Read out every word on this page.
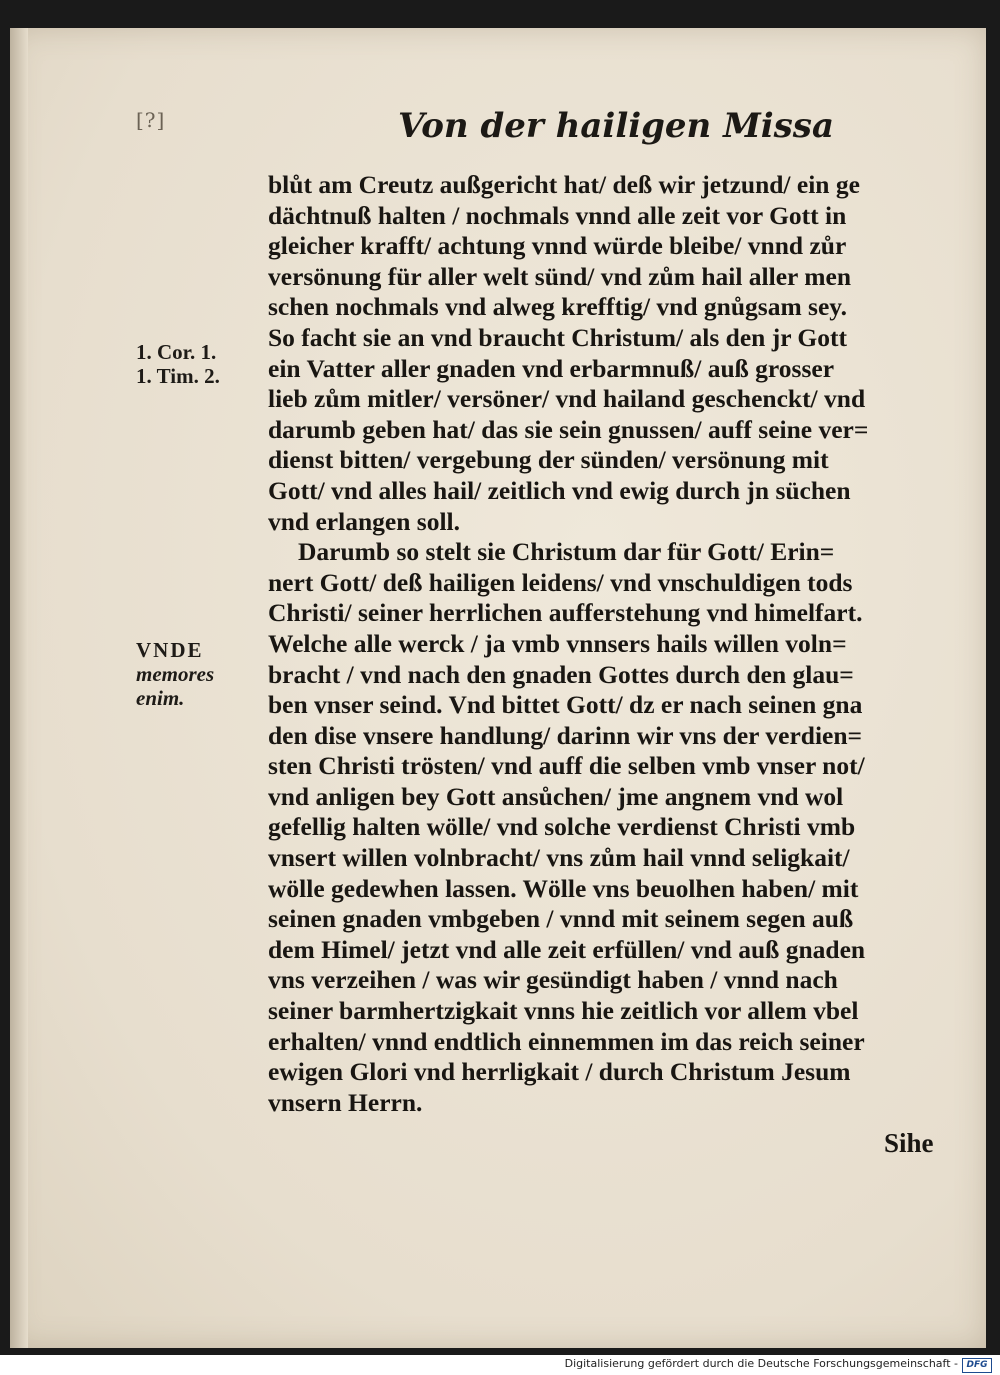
[?]	Von der hailigen Missa
1. Cor. 1.
1. Tim. 2.
VNDE
memores
enim.
blůt am Creutz außgericht hat/ deß wir jetzund/ ein ge
dächtnuß halten / nochmals vnnd alle zeit vor Gott in
gleicher krafft/ achtung vnnd würde bleibe/ vnnd zůr
versönung für aller welt sünd/ vnd zům hail aller men
schen nochmals vnd alweg krefftig/ vnd gnůgsam sey.
So facht sie an vnd braucht Christum/ als den jr Gott
ein Vatter aller gnaden vnd erbarmnuß/ auß grosser
lieb zům mitler/ versöner/ vnd hailand geschenckt/ vnd
darumb geben hat/ das sie sein gnussen/ auff seine ver=
dienst bitten/ vergebung der sünden/ versönung mit
Gott/ vnd alles hail/ zeitlich vnd ewig durch jn süchen
vnd erlangen soll.
Darumb so stelt sie Christum dar für Gott/ Erin=
nert Gott/ deß hailigen leidens/ vnd vnschuldigen tods
Christi/ seiner herrlichen aufferstehung vnd himelfart.
Welche alle werck / ja vmb vnnsers hails willen voln=
bracht / vnd nach den gnaden Gottes durch den glau=
ben vnser seind. Vnd bittet Gott/ dz er nach seinen gna
den dise vnsere handlung/ darinn wir vns der verdien=
sten Christi trösten/ vnd auff die selben vmb vnser not/
vnd anligen bey Gott ansůchen/ jme angnem vnd wol
gefellig halten wölle/ vnd solche verdienst Christi vmb
vnsert willen volnbracht/ vns zům hail vnnd seligkait/
wölle gedewhen lassen. Wölle vns beuolhen haben/ mit
seinen gnaden vmbgeben / vnnd mit seinem segen auß
dem Himel/ jetzt vnd alle zeit erfüllen/ vnd auß gnaden
vns verzeihen / was wir gesündigt haben / vnnd nach
seiner barmhertzigkait vnns hie zeitlich vor allem vbel
erhalten/ vnnd endtlich einnemmen im das reich seiner
ewigen Glori vnd herrligkait / durch Christum Jesum
vnsern Herrn.
Sihe
Digitalisierung gefördert durch die Deutsche Forschungsgemeinschaft - DFG
